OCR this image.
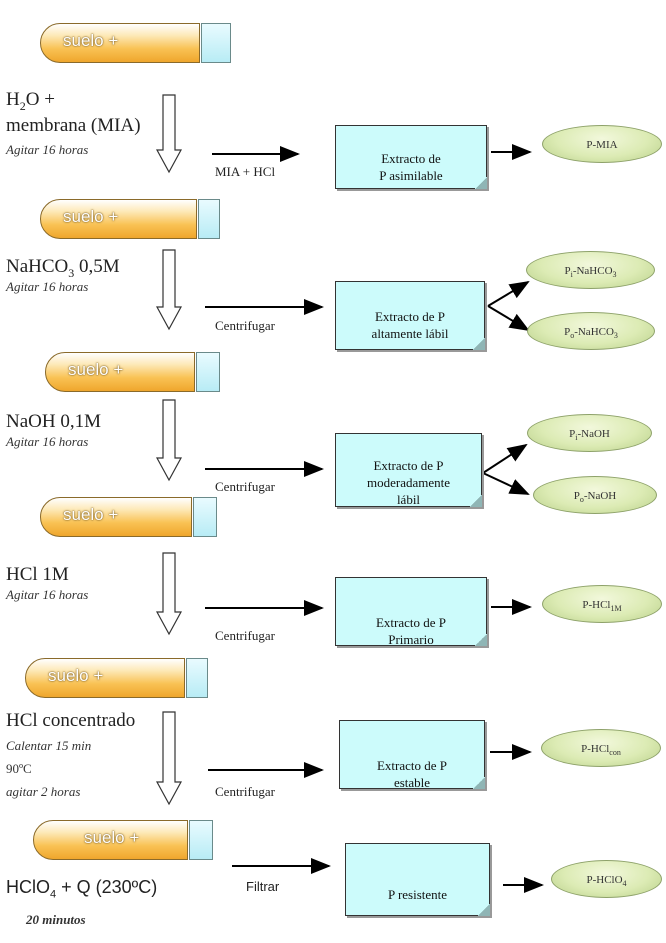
suelo +
suelo +
suelo +
suelo +
suelo +
suelo +
$H_2O$ +
membrana (MIA)
Agitar 16 horas
MIA + HCl
NaHCO$_3$ 0,5M
Agitar 16 horas
Centrifugar
NaOH 0,1M
Agitar 16 horas
Centrifugar
HCl 1M
Agitar 16 horas
Centrifugar
HCl concentrado
Calentar 15 min
90ºC
agitar 2 horas	Centrifugar
HClO$_4$ + Q (230ºC)
20 minutos
Filtrar

Extracto de
P asimilable

Extracto de P
altamente lábil

Extracto de P
moderadamente
lábil

Extracto de P
Primario

Extracto de P
estable

P resistente

P-MIA
$P_i-NaHCO_3$
$P_o-NaHCO_3$
$P_i$-NaOH
$P_o$-NaOH
P-HCl$_{1M}$
P-HCl$_{con}$
P-HClO$_4$
